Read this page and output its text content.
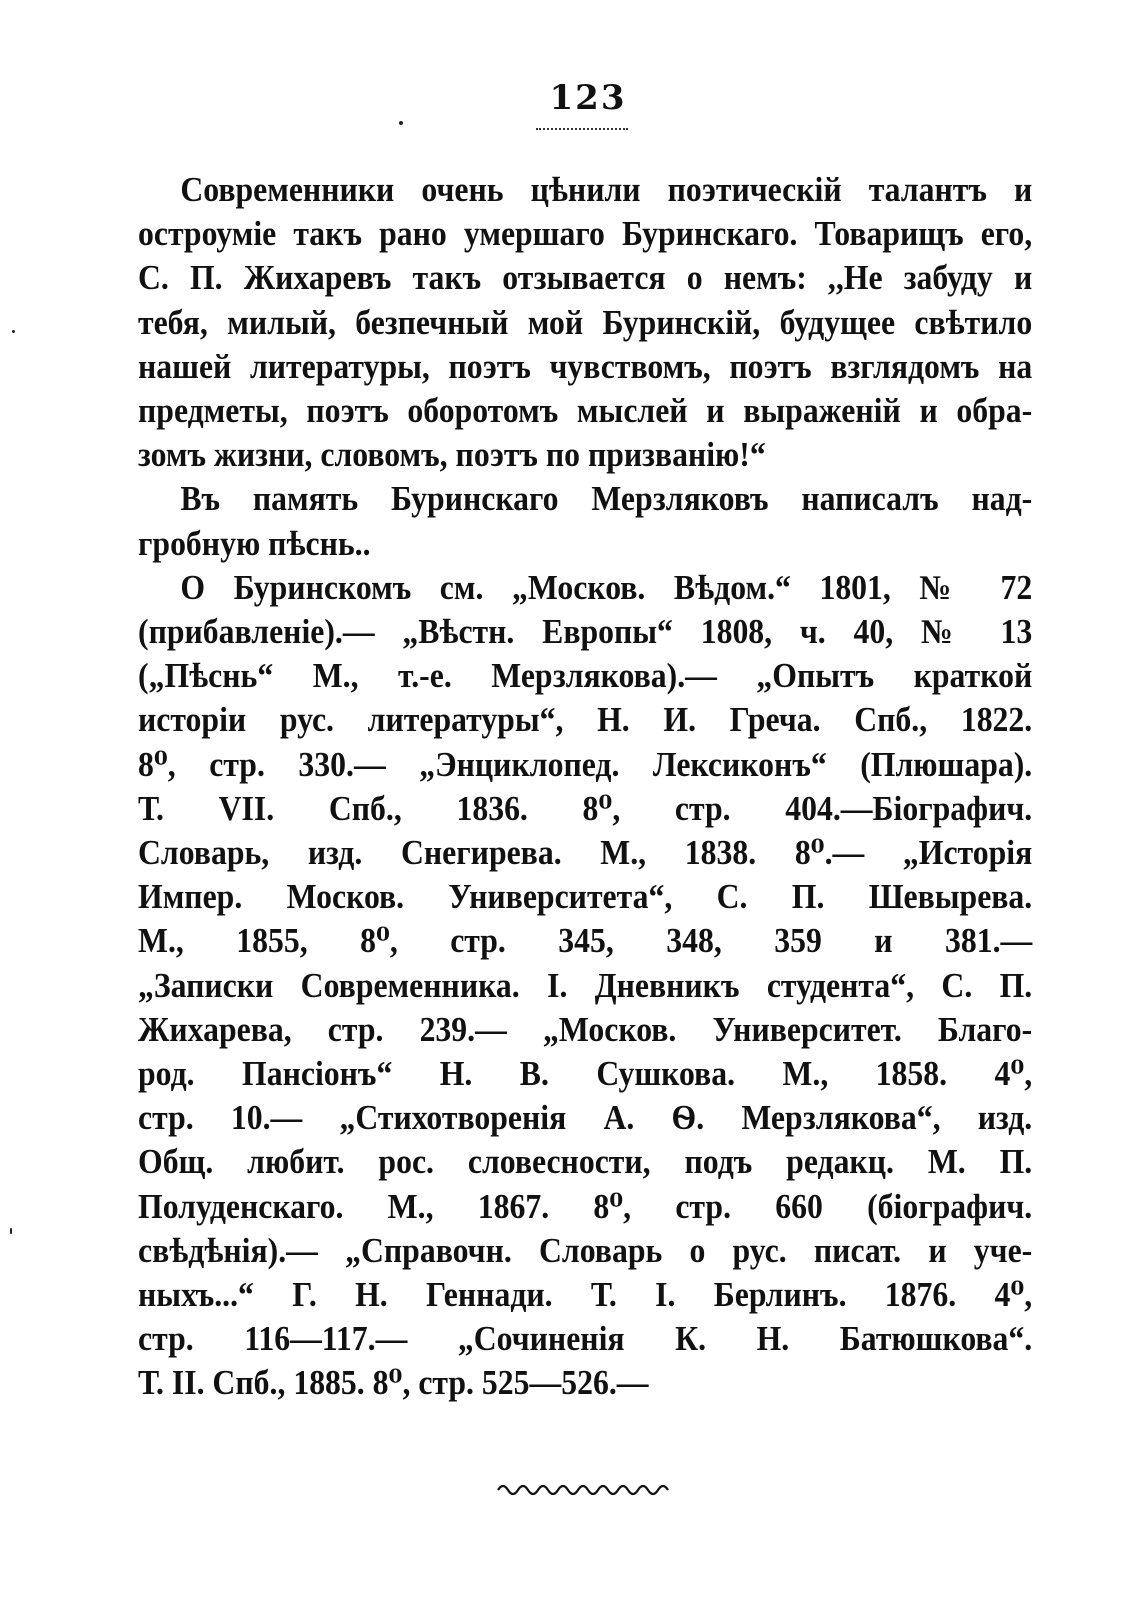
123
Современники очень цѣнили поэтическій талантъ и
остроуміе такъ рано умершаго Буринскаго. Товарищъ его,
С. П. Жихаревъ такъ отзывается о немъ: ,,Не забуду и
тебя, милый, безпечный мой Буринскій, будущее свѣтило
нашей литературы, поэтъ чувствомъ, поэтъ взглядомъ на
предметы, поэтъ оборотомъ мыслей и выраженій и обра-
зомъ жизни, словомъ, поэтъ по призванію!“
Въ память Буринскаго Мерзляковъ написалъ над-
гробную пѣснь..
О Буринскомъ см. „Москов. Вѣдом.“ 1801, № 72
(прибавленіе).— „Вѣстн. Европы“ 1808, ч. 40, № 13
(„Пѣснь“ М., т.-е. Мерзлякова).— „Опытъ краткой
исторіи рус. литературы“, Н. И. Греча. Спб., 1822.
8⁰, стр. 330.— „Энциклопед. Лексиконъ“ (Плюшара).
Т. VII. Спб., 1836. 8⁰, стр. 404.—Біографич.
Словарь, изд. Снегирева. М., 1838. 8⁰.— „Исторія
Импер. Москов. Университета“, С. П. Шевырева.
М., 1855, 8⁰, стр. 345, 348, 359 и 381.—
„Записки Современника. I. Дневникъ студента“, С. П.
Жихарева, стр. 239.— „Москов. Университет. Благо-
род. Пансіонъ“ Н. В. Сушкова. М., 1858. 4⁰,
стр. 10.— „Стихотворенія А. Ѳ. Мерзлякова“, изд.
Общ. любит. рос. словесности, подъ редакц. М. П.
Полуденскаго. М., 1867. 8⁰, стр. 660 (біографич.
свѣдѣнія).— „Справочн. Словарь о рус. писат. и уче-
ныхъ...“ Г. Н. Геннади. Т. I. Берлинъ. 1876. 4⁰,
стр. 116—117.— „Сочиненія К. Н. Батюшкова“.
Т. II. Спб., 1885. 8⁰, стр. 525—526.—
